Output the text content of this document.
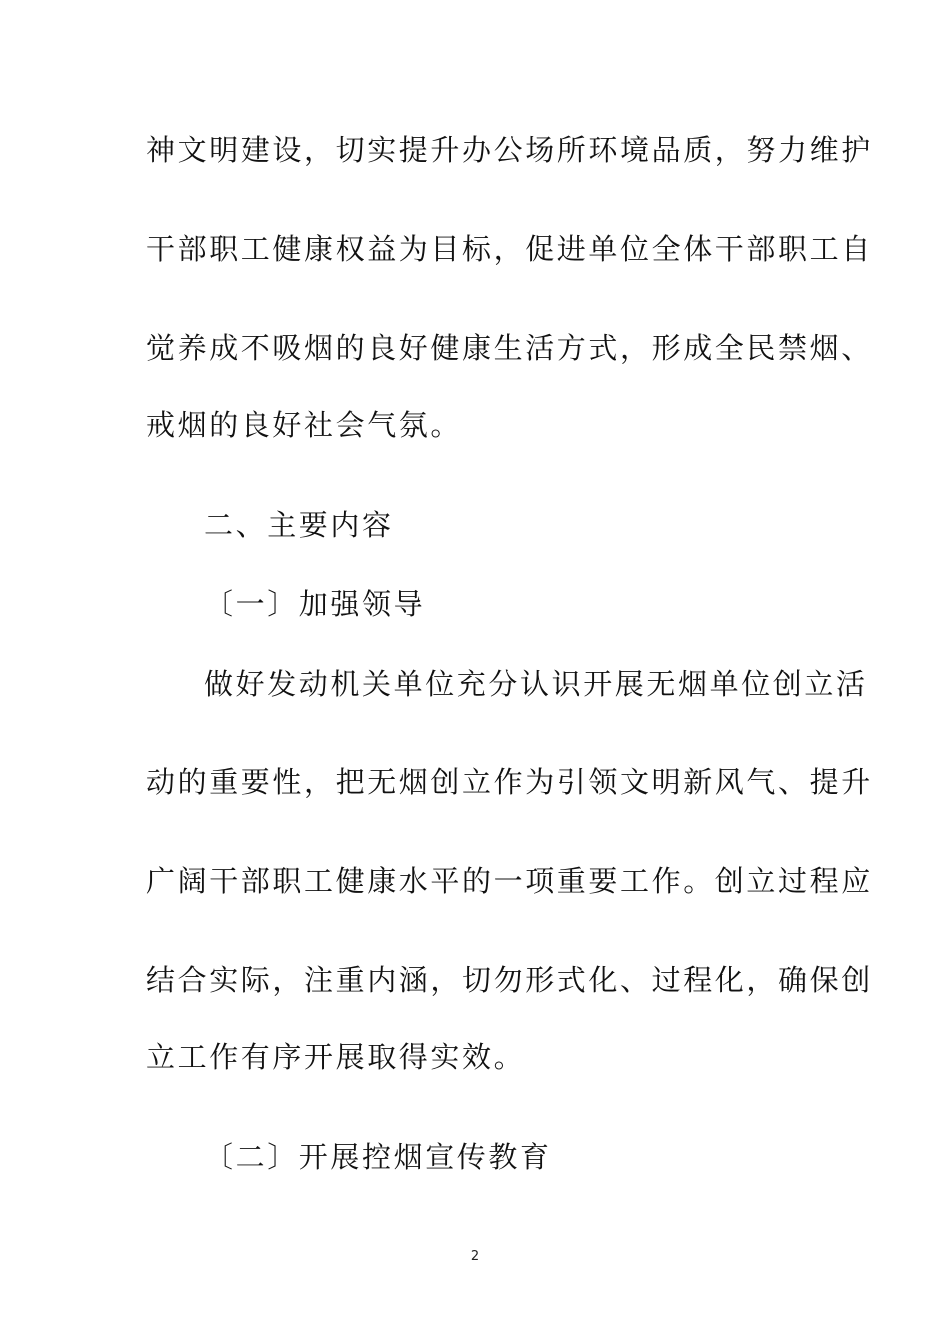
神文明建设，切实提升办公场所环境品质，努力维护
干部职工健康权益为目标，促进单位全体干部职工自
觉养成不吸烟的良好健康生活方式，形成全民禁烟、
戒烟的良好社会气氛。
二、主要内容
〔一〕加强领导
做好发动机关单位充分认识开展无烟单位创立活
动的重要性，把无烟创立作为引领文明新风气、提升
广阔干部职工健康水平的一项重要工作。创立过程应
结合实际，注重内涵，切勿形式化、过程化，确保创
立工作有序开展取得实效。
〔二〕开展控烟宣传教育
2
